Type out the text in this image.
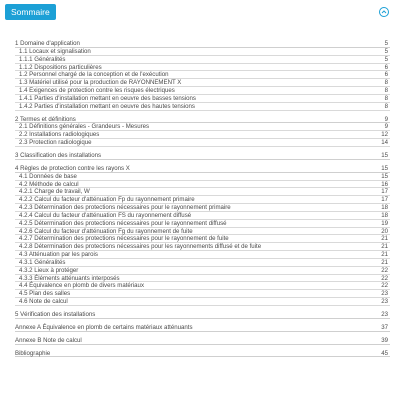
Sommaire
1 Domaine d'application	5
1.1 Locaux et signalisation	5
1.1.1 Généralités	5
1.1.2 Dispositions particulières	6
1.2 Personnel chargé de la conception et de l'exécution	6
1.3 Matériel utilisé pour la production de RAYONNEMENT X	8
1.4 Exigences de protection contre les risques électriques	8
1.4.1 Parties d'installation mettant en oeuvre des basses tensions	8
1.4.2 Parties d'installation mettant en oeuvre des hautes tensions	8
2 Termes et définitions	9
2.1 Définitions générales - Grandeurs - Mesures	9
2.2 Installations radiologiques	12
2.3 Protection radiologique	14
3 Classification des installations	15
4 Règles de protection contre les rayons X	15
4.1 Données de base	15
4.2 Méthode de calcul	16
4.2.1 Charge de travail, W	17
4.2.2 Calcul du facteur d'atténuation Fp du rayonnement primaire	17
4.2.3 Détermination des protections nécessaires pour le rayonnement primaire	18
4.2.4 Calcul du facteur d'atténuation FS du rayonnement diffusé	18
4.2.5 Détermination des protections nécessaires pour le rayonnement diffusé	19
4.2.6 Calcul du facteur d'atténuation Fg du rayonnement de fuite	20
4.2.7 Détermination des protections nécessaires pour le rayonnement de fuite	21
4.2.8 Détermination des protections nécessaires pour les rayonnements diffusé et de fuite	21
4.3 Atténuation par les parois	21
4.3.1 Généralités	21
4.3.2 Lieux à protéger	22
4.3.3 Éléments atténuants interposés	22
4.4 Équivalence en plomb de divers matériaux	22
4.5 Plan des salles	23
4.6 Note de calcul	23
5 Vérification des installations	23
Annexe A Équivalence en plomb de certains matériaux atténuants	37
Annexe B Note de calcul	39
Bibliographie	45
